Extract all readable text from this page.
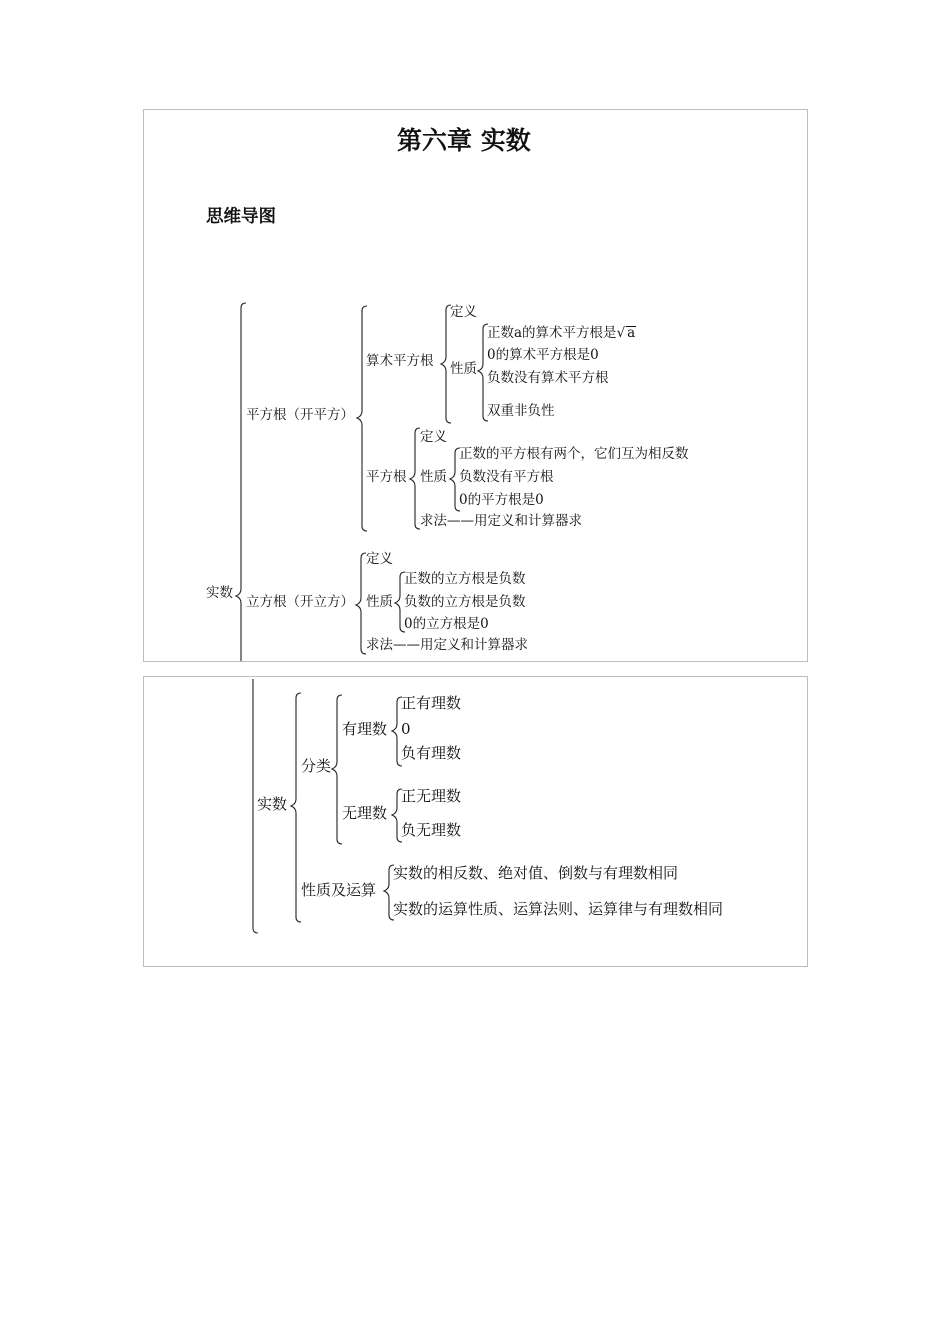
第六章 实数
思维导图
实数
平方根（开平方）
算术平方根
定义
性质
正数a的算术平方根是√ a
0的算术平方根是0
负数没有算术平方根
双重非负性
平方根
定义
性质
正数的平方根有两个，它们互为相反数
负数没有平方根
0的平方根是0
求法——用定义和计算器求
立方根（开立方）
定义
性质
正数的立方根是负数
负数的立方根是负数
0的立方根是0
求法——用定义和计算器求
实数
分类
有理数
正有理数
0
负有理数
无理数
正无理数
负无理数
性质及运算
实数的相反数、绝对值、倒数与有理数相同
实数的运算性质、运算法则、运算律与有理数相同
